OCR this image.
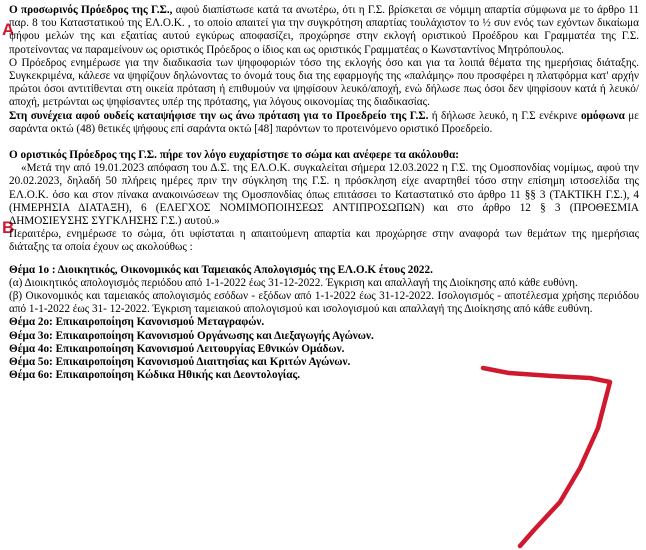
A
B

Ο προσωρινός Πρόεδρος της Γ.Σ., αφού διαπίστωσε κατά τα ανωτέρω, ότι η Γ.Σ. βρίσκεται σε νόμιμη απαρτία σύμφωνα με το άρθρο 11 παρ. 8 του Καταστατικού της ΕΛ.Ο.Κ. , το οποίο απαιτεί για την συγκρότηση απαρτίας τουλάχιστον το ½ συν ενός των εχόντων δικαίωμα ψήφου μελών της και εξαιτίας αυτού εγκύρως αποφασίζει, προχώρησε στην εκλογή οριστικού Προέδρου και Γραμματέα της Γ.Σ. προτείνοντας να παραμείνουν ως οριστικός Πρόεδρος ο ίδιος και ως οριστικός Γραμματέας ο Κωνσταντίνος Μητρόπουλος.

Ο Πρόεδρος ενημέρωσε για την διαδικασία των ψηφοφοριών τόσο της εκλογής όσο και για τα λοιπά θέματα της ημερήσιας διάταξης. Συγκεκριμένα, κάλεσε να ψηφίζουν δηλώνοντας το όνομά τους δια της εφαρμογής της «παλάμης» που προσφέρει η πλατφόρμα κατ' αρχήν πρώτοι όσοι αντιτίθενται στη οικεία πρόταση ή επιθυμούν να ψηφίσουν λευκό/αποχή, ενώ δήλωσε πως όσοι δεν ψηφίσουν κατά ή λευκό/αποχή, μετρώνται ως ψηφίσαντες υπέρ της πρότασης, για λόγους οικονομίας της διαδικασίας.

Στη συνέχεια αφού ουδείς καταψήφισε την ως άνω πρόταση για το Προεδρείο της Γ.Σ. ή δήλωσε λευκό, η Γ.Σ ενέκρινε ομόφωνα με σαράντα οκτώ (48) θετικές ψήφους επί σαράντα οκτώ [48] παρόντων το προτεινόμενο οριστικό Προεδρείο.

Ο οριστικός Πρόεδρος της Γ.Σ. πήρε τον λόγο ευχαρίστησε το σώμα και ανέφερε τα ακόλουθα:

«Μετά την από 19.01.2023 απόφαση του Δ.Σ. της ΕΛ.Ο.Κ. συγκαλείται σήμερα 12.03.2022 η Γ.Σ. της Ομοσπονδίας νομίμως, αφού την 20.02.2023, δηλαδή 50 πλήρεις ημέρες πριν την σύγκληση της Γ.Σ. η πρόσκληση είχε αναρτηθεί τόσο στην επίσημη ιστοσελίδα της ΕΛ.Ο.Κ. όσο και στον πίνακα ανακοινώσεων της Ομοσπονδίας όπως επιτάσσει το Καταστατικό στο άρθρο 11 §§ 3 (ΤΑΚΤΙΚΗ Γ.Σ.), 4 (ΗΜΕΡΗΣΙΑ ΔΙΑΤΑΞΗ), 6 (ΕΛΕΓΧΟΣ ΝΟΜΙΜΟΠΟΙΗΣΕΩΣ ΑΝΤΙΠΡΟΣΩΠΩΝ) και στο άρθρο 12 § 3 (ΠΡΟΘΕΣΜΙΑ ΔΗΜΟΣΙΕΥΣΗΣ ΣΥΓΚΛΗΣΗΣ Γ.Σ.) αυτού.»

Περαιτέρω, ενημέρωσε το σώμα, ότι υφίσταται η απαιτούμενη απαρτία και προχώρησε στην αναφορά των θεμάτων της ημερήσιας διάταξης τα οποία έχουν ως ακολούθως :

Θέμα 1ο : Διοικητικός, Οικονομικός και Ταμειακός Απολογισμός της ΕΛ.Ο.Κ έτους 2022.

(α) Διοικητικός απολογισμός περιόδου από 1-1-2022 έως 31-12-2022. Έγκριση και απαλλαγή της Διοίκησης από κάθε ευθύνη.

(β) Οικονομικός και ταμειακός απολογισμός εσόδων - εξόδων από 1-1-2022 έως 31-12-2022. Ισολογισμός - αποτέλεσμα χρήσης περιόδου από 1-1-2022 έως 31- 12-2022. Έγκριση ταμειακού απολογισμού και ισολογισμού και απαλλαγή της Διοίκησης από κάθε ευθύνη.

Θέμα 2ο: Επικαιροποίηση Κανονισμού Μεταγραφών.

Θέμα 3ο: Επικαιροποίηση Κανονισμού Οργάνωσης και Διεξαγωγής Αγώνων.

Θέμα 4ο: Επικαιροποίηση Κανονισμού Λειτουργίας Εθνικών Ομάδων.

Θέμα 5ο: Επικαιροποίηση Κανονισμού Διαιτησίας και Κριτών Αγώνων.

Θέμα 6ο: Επικαιροποίηση Κώδικα Ηθικής και Δεοντολογίας.
